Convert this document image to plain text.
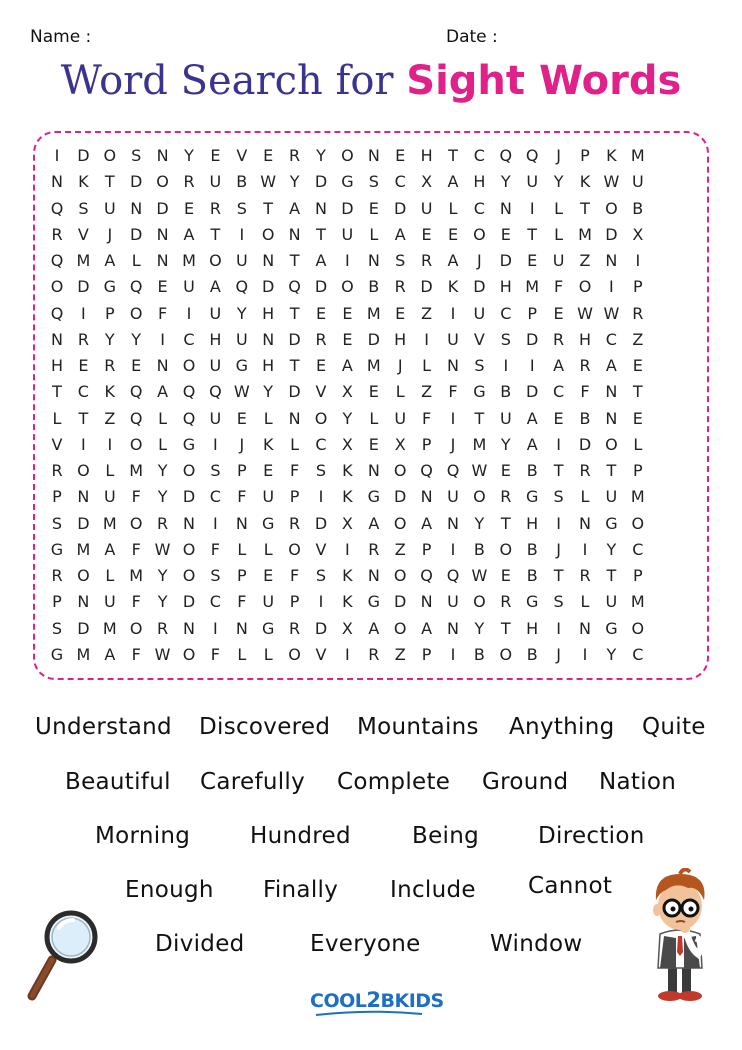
Name :	Date :
Word Search for Sight Words
I	D O S N Y	E V E R Y O N E H T C Q Q	J	P	K M
N K	T D O R U B W Y D G S C X A H Y U Y	K W U
Q S U N D E R S	T	A N D E D U	L	C N	I	L	T O B
R V	J	D N A	T	I	O N T U	L	A E	E O E	T	L M D X
Q M A	L N M O U N T	A	I	N S R A	J	D E U Z N	I
O D G Q E U A Q D Q D O B R D K D H M F O	I	P
Q	I	P O F	I	U Y H T	E	E M E Z	I	U C P	E W W R
N R Y	Y	I	C H U N D R E D H	I	U V S D R H C Z
H E R E N O U G H T	E A M	J	L N S	I	I	A R A E
T C K Q A Q Q W Y D V X E	L	Z	F G B D C	F N T
L	T	Z Q L Q U E	L N O Y	L	U F	I	T U A E B N E
V	I	I	O L G	I	J	K	L	C X E X	P	J	M Y	A	I	D O L
R O L M Y O S	P	E	F	S	K N O Q Q W E B	T R T	P
P N U F	Y D C	F U P	I	K G D N U O R G S	L	U M
S D M O R N	I	N G R D X A O A N Y	T H	I	N G O
G M A	F W O F	L	L O V	I	R Z	P	I	B O B	J	I	Y C
R O L M Y O S	P	E	F	S	K N O Q Q W E B	T R T	P
P N U F	Y D C	F U P	I	K G D N U O R G S	L	U M
S D M O R N	I	N G R D X A O A N Y	T H	I	N G O
G M A	F W O F	L	L O V	I	R Z	P	I	B O B	J	I	Y C
Understand Discovered Mountains Anything Quite
Beautiful Carefully Complete Ground Nation
Morning	Hundred	Being	Direction
Enough Finally Include Cannot
Divided	Everyone	Window
COOL2BKIDS
